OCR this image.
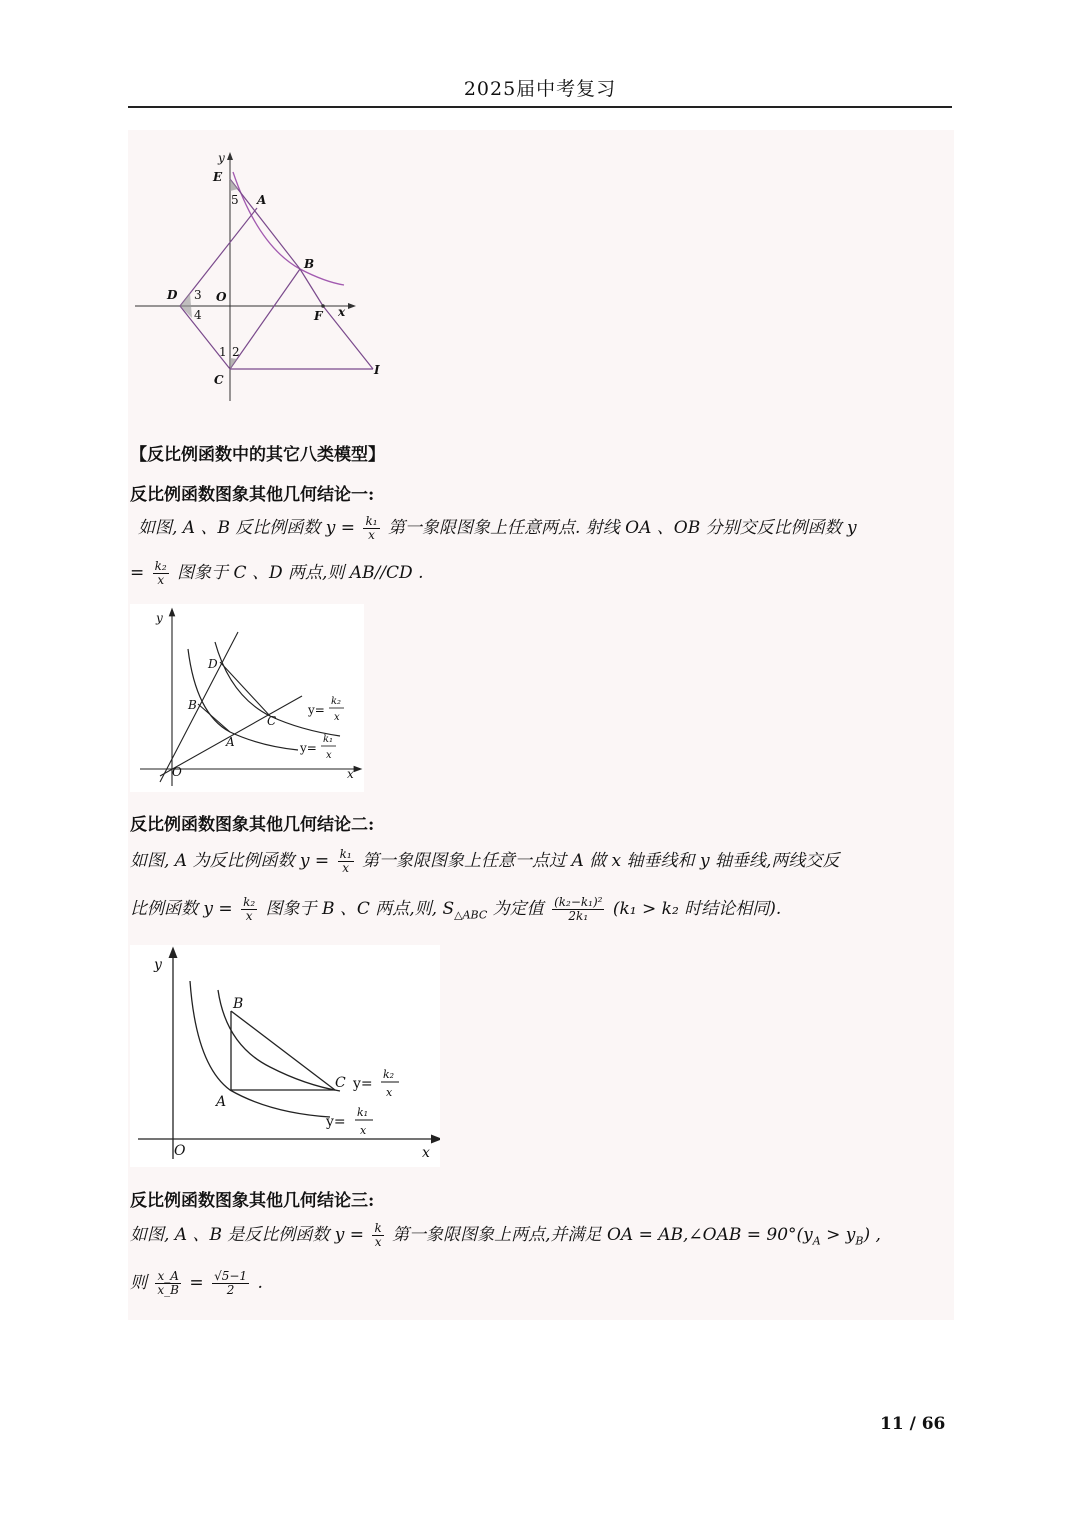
2025届中考复习
y
E
A
5
B
D 3 O
4	F x
1 2
C
I
【反比例函数中的其它八类模型】
反比例函数图象其他几何结论一:
如图, A 、B 反比例函数 $y = \frac{\text{k₁}}{x}$ 第一象限图象上任意两点. 射线 OA 、OB 分别交反比例函数 y
= $\frac{\text{k₂}}{x}$ 图象于 C 、D 两点,则 AB//CD .
y
D
B
C
A
O	x
y=
k₂
x
y=
k₁
x
反比例函数图象其他几何结论二:
如图, A 为反比例函数 $y = \frac{\text{k₁}}{x}$ 第一象限图象上任意一点过 A 做 x 轴垂线和 y 轴垂线,两线交反
比例函数 $y = \frac{\text{k₂}}{x}$ 图象于 B 、C 两点,则, $S_{\triangle ABC}$ 为定值 $\frac{\text{(k₂−k₁)²}}{\text{2k₁}} (k_1 > k_2$ 时结论相同).
y
B
C
A
O	x
y=
k₂
x
y=
k₁
x
反比例函数图象其他几何结论三:
如图, A 、B 是反比例函数 $y = \frac{k}{x}$ 第一象限图象上两点,并满足 OA = AB,∠OAB = $90^\circ(y_A > y_B)$ ,
则 $\frac{x\_A}{x\_B} = \frac{√5-1}{2}$ .
11 / 66
